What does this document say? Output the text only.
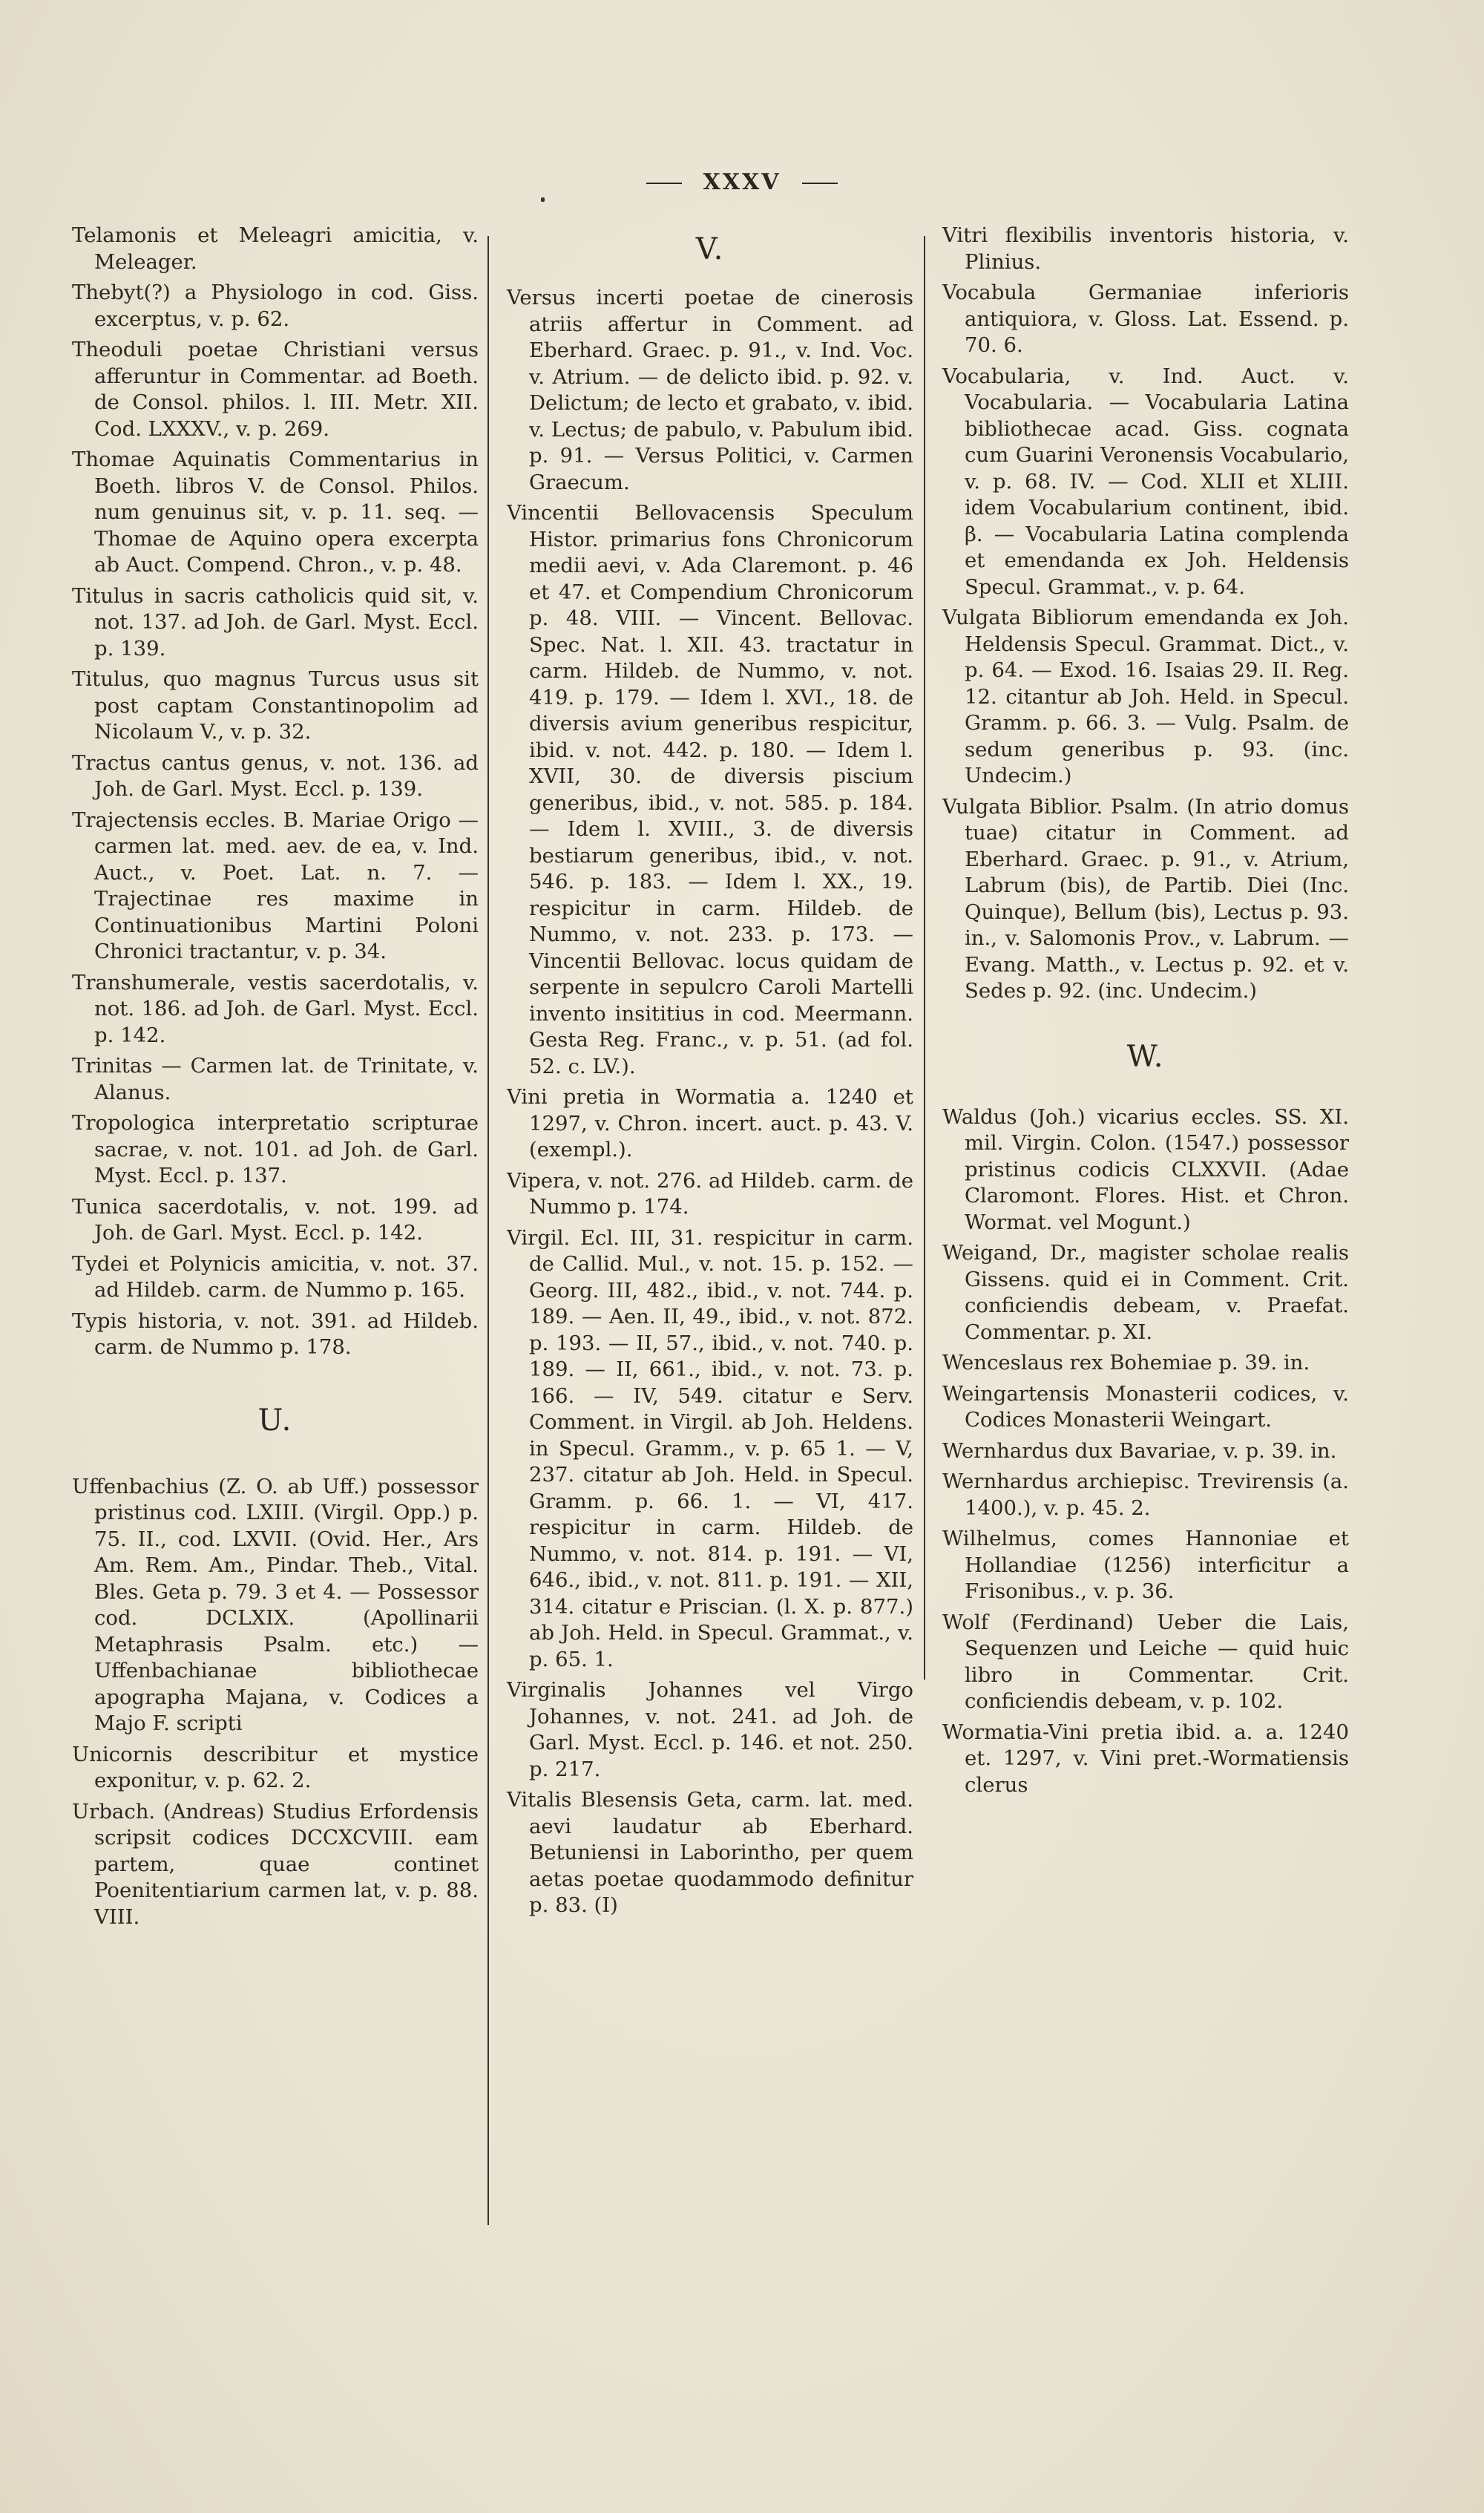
XXXV

Telamonis et Meleagri amicitia, v. Meleager.

Thebyt(?) a Physiologo in cod. Giss. excerptus, v. p. 62.

Theoduli poetae Christiani versus afferuntur in Commentar. ad Boeth. de Consol. philos. l. III. Metr. XII. Cod. LXXXV., v. p. 269.

Thomae Aquinatis Commentarius in Boeth. libros V. de Consol. Philos. num genuinus sit, v. p. 11. seq. — Thomae de Aquino opera excerpta ab Auct. Compend. Chron., v. p. 48.

Titulus in sacris catholicis quid sit, v. not. 137. ad Joh. de Garl. Myst. Eccl. p. 139.

Titulus, quo magnus Turcus usus sit post captam Constantinopolim ad Nicolaum V., v. p. 32.

Tractus cantus genus, v. not. 136. ad Joh. de Garl. Myst. Eccl. p. 139.

Trajectensis eccles. B. Mariae Origo — carmen lat. med. aev. de ea, v. Ind. Auct., v. Poet. Lat. n. 7. — Trajectinae res maxime in Continuationibus Martini Poloni Chronici tractantur, v. p. 34.

Transhumerale, vestis sacerdotalis, v. not. 186. ad Joh. de Garl. Myst. Eccl. p. 142.

Trinitas — Carmen lat. de Trinitate, v. Alanus.

Tropologica interpretatio scripturae sacrae, v. not. 101. ad Joh. de Garl. Myst. Eccl. p. 137.

Tunica sacerdotalis, v. not. 199. ad Joh. de Garl. Myst. Eccl. p. 142.

Tydei et Polynicis amicitia, v. not. 37. ad Hildeb. carm. de Nummo p. 165.

Typis historia, v. not. 391. ad Hildeb. carm. de Nummo p. 178.

U.

Uffenbachius (Z. O. ab Uff.) possessor pristinus cod. LXIII. (Virgil. Opp.) p. 75. II., cod. LXVII. (Ovid. Her., Ars Am. Rem. Am., Pindar. Theb., Vital. Bles. Geta p. 79. 3 et 4. — Possessor cod. DCLXIX. (Apollinarii Metaphrasis Psalm. etc.) — Uffenbachianae bibliothecae apographa Majana, v. Codices a Majo F. scripti

Unicornis describitur et mystice exponitur, v. p. 62. 2.

Urbach. (Andreas) Studius Erfordensis scripsit codices DCCXCVIII. eam partem, quae continet Poenitentiarium carmen lat, v. p. 88. VIII.

V.

Versus incerti poetae de cinerosis atriis affertur in Comment. ad Eberhard. Graec. p. 91., v. Ind. Voc. v. Atrium. — de delicto ibid. p. 92. v. Delictum; de lecto et grabato, v. ibid. v. Lectus; de pabulo, v. Pabulum ibid. p. 91. — Versus Politici, v. Carmen Graecum.

Vincentii Bellovacensis Speculum Histor. primarius fons Chronicorum medii aevi, v. Ada Claremont. p. 46 et 47. et Compendium Chronicorum p. 48. VIII. — Vincent. Bellovac. Spec. Nat. l. XII. 43. tractatur in carm. Hildeb. de Nummo, v. not. 419. p. 179. — Idem l. XVI., 18. de diversis avium generibus respicitur, ibid. v. not. 442. p. 180. — Idem l. XVII, 30. de diversis piscium generibus, ibid., v. not. 585. p. 184. — Idem l. XVIII., 3. de diversis bestiarum generibus, ibid., v. not. 546. p. 183. — Idem l. XX., 19. respicitur in carm. Hildeb. de Nummo, v. not. 233. p. 173. — Vincentii Bellovac. locus quidam de serpente in sepulcro Caroli Martelli invento insititius in cod. Meermann. Gesta Reg. Franc., v. p. 51. (ad fol. 52. c. LV.).

Vini pretia in Wormatia a. 1240 et 1297, v. Chron. incert. auct. p. 43. V. (exempl.).

Vipera, v. not. 276. ad Hildeb. carm. de Nummo p. 174.

Virgil. Ecl. III, 31. respicitur in carm. de Callid. Mul., v. not. 15. p. 152. — Georg. III, 482., ibid., v. not. 744. p. 189. — Aen. II, 49., ibid., v. not. 872. p. 193. — II, 57., ibid., v. not. 740. p. 189. — II, 661., ibid., v. not. 73. p. 166. — IV, 549. citatur e Serv. Comment. in Virgil. ab Joh. Heldens. in Specul. Gramm., v. p. 65 1. — V, 237. citatur ab Joh. Held. in Specul. Gramm. p. 66. 1. — VI, 417. respicitur in carm. Hildeb. de Nummo, v. not. 814. p. 191. — VI, 646., ibid., v. not. 811. p. 191. — XII, 314. citatur e Priscian. (l. X. p. 877.) ab Joh. Held. in Specul. Grammat., v. p. 65. 1.

Virginalis Johannes vel Virgo Johannes, v. not. 241. ad Joh. de Garl. Myst. Eccl. p. 146. et not. 250. p. 217.

Vitalis Blesensis Geta, carm. lat. med. aevi laudatur ab Eberhard. Betuniensi in Laborintho, per quem aetas poetae quodammodo definitur p. 83. (I)

Vitri flexibilis inventoris historia, v. Plinius.

Vocabula Germaniae inferioris antiquiora, v. Gloss. Lat. Essend. p. 70. 6.

Vocabularia, v. Ind. Auct. v. Vocabularia. — Vocabularia Latina bibliothecae acad. Giss. cognata cum Guarini Veronensis Vocabulario, v. p. 68. IV. — Cod. XLII et XLIII. idem Vocabularium continent, ibid. β. — Vocabularia Latina complenda et emendanda ex Joh. Heldensis Specul. Grammat., v. p. 64.

Vulgata Bibliorum emendanda ex Joh. Heldensis Specul. Grammat. Dict., v. p. 64. — Exod. 16. Isaias 29. II. Reg. 12. citantur ab Joh. Held. in Specul. Gramm. p. 66. 3. — Vulg. Psalm. de sedum generibus p. 93. (inc. Undecim.)

Vulgata Biblior. Psalm. (In atrio domus tuae) citatur in Comment. ad Eberhard. Graec. p. 91., v. Atrium, Labrum (bis), de Partib. Diei (Inc. Quinque), Bellum (bis), Lectus p. 93. in., v. Salomonis Prov., v. Labrum. — Evang. Matth., v. Lectus p. 92. et v. Sedes p. 92. (inc. Undecim.)

W.

Waldus (Joh.) vicarius eccles. SS. XI. mil. Virgin. Colon. (1547.) possessor pristinus codicis CLXXVII. (Adae Claromont. Flores. Hist. et Chron. Wormat. vel Mogunt.)

Weigand, Dr., magister scholae realis Gissens. quid ei in Comment. Crit. conficiendis debeam, v. Praefat. Commentar. p. XI.

Wenceslaus rex Bohemiae p. 39. in.

Weingartensis Monasterii codices, v. Codices Monasterii Weingart.

Wernhardus dux Bavariae, v. p. 39. in.

Wernhardus archiepisc. Trevirensis (a. 1400.), v. p. 45. 2.

Wilhelmus, comes Hannoniae et Hollandiae (1256) interficitur a Frisonibus., v. p. 36.

Wolf (Ferdinand) Ueber die Lais, Sequenzen und Leiche — quid huic libro in Commentar. Crit. conficiendis debeam, v. p. 102.

Wormatia-Vini pretia ibid. a. a. 1240 et. 1297, v. Vini pret.-Wormatiensis clerus
